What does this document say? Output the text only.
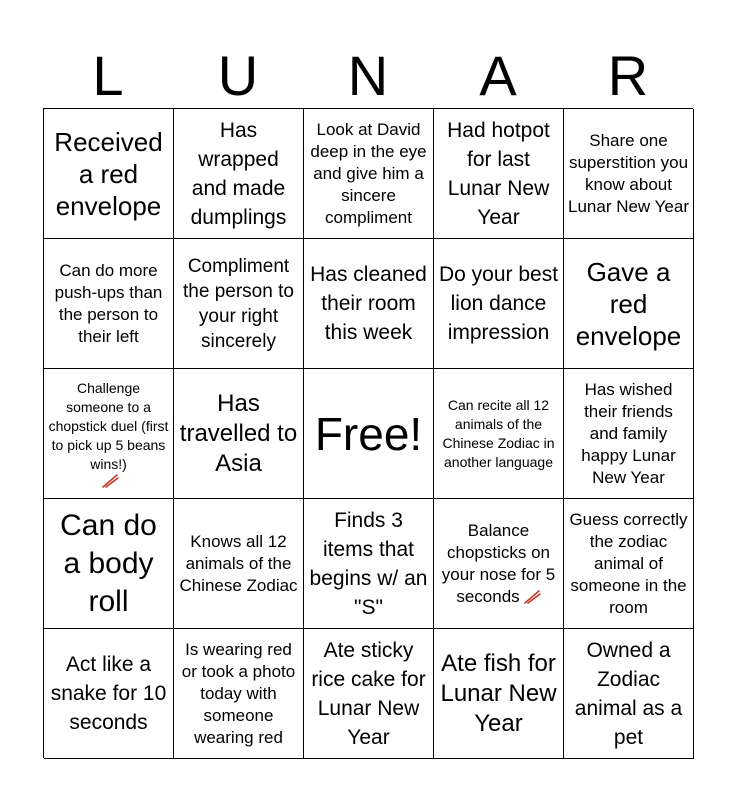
L	U	N	A	R
Received a red envelope
Has wrapped and made dumplings
Look at David deep in the eye and give him a sincere compliment
Had hotpot for last Lunar New Year
Share one superstition you know about Lunar New Year
Can do more push-ups than the person to their left
Compliment the person to your right sincerely
Has cleaned their room this week
Do your best lion dance impression
Gave a red envelope
Challenge someone to a chopstick duel (first to pick up 5 beans wins!)
Has travelled to Asia
Free!
Can recite all 12 animals of the Chinese Zodiac in another language
Has wished their friends and family happy Lunar New Year
Can do a body roll
Knows all 12 animals of the Chinese Zodiac
Finds 3 items that begins w/ an "S"
Balance chopsticks on your nose for 5 seconds
Guess correctly the zodiac animal of someone in the room
Act like a snake for 10 seconds
Is wearing red or took a photo today with someone wearing red
Ate sticky rice cake for Lunar New Year
Ate fish for Lunar New Year
Owned a Zodiac animal as a pet
